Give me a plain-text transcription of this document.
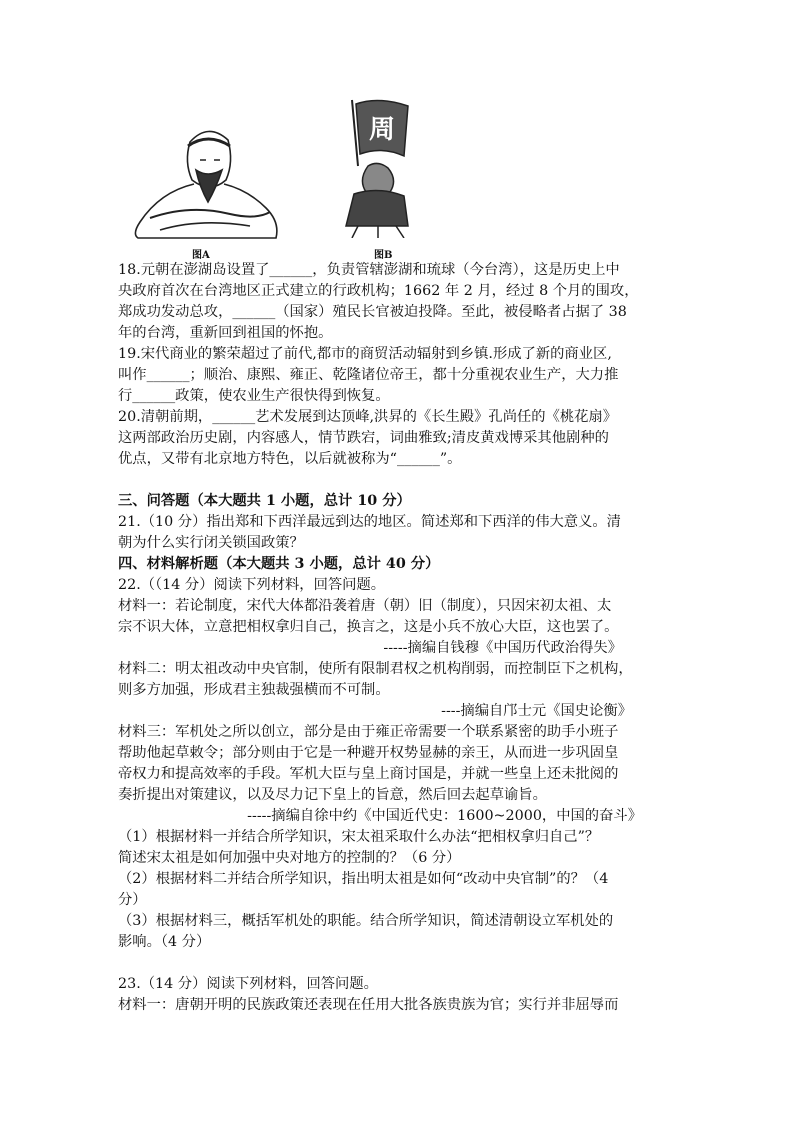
周
图A	图B

18.元朝在澎湖岛设置了______，负责管辖澎湖和琉球（今台湾），这是历史上中

央政府首次在台湾地区正式建立的行政机构；1662 年 2 月，经过 8 个月的围攻，

郑成功发动总攻，______（国家）殖民长官被迫投降。至此，被侵略者占据了 38

年的台湾，重新回到祖国的怀抱。

19.宋代商业的繁荣超过了前代,都市的商贸活动辐射到乡镇.形成了新的商业区,

叫作______；顺治、康熙、雍正、乾隆诸位帝王，都十分重视农业生产，大力推

行______政策，使农业生产很快得到恢复。

20.清朝前期，______艺术发展到达顶峰,洪昇的《长生殿》孔尚任的《桃花扇》

这两部政治历史剧，内容感人，情节跌宕，词曲雅致;清皮黄戏博采其他剧种的

优点，又带有北京地方特色，以后就被称为“______”。

三、问答题（本大题共 1 小题，总计 10 分）

21.（10 分）指出郑和下西洋最远到达的地区。简述郑和下西洋的伟大意义。清

朝为什么实行闭关锁国政策？

四、材料解析题（本大题共 3 小题，总计 40 分）

22.（（14 分）阅读下列材料，回答问题。

材料一：若论制度，宋代大体都沿袭着唐（朝）旧（制度），只因宋初太祖、太

宗不识大体，立意把相权拿归自己，换言之，这是小兵不放心大臣，这也罢了。

-----摘编自钱穆《中国历代政治得失》

材料二：明太祖改动中央官制，使所有限制君权之机构削弱，而控制臣下之机构，

则多方加强，形成君主独裁强横而不可制。

----摘编自邝士元《国史论衡》

材料三：军机处之所以创立，部分是由于雍正帝需要一个联系紧密的助手小班子

帮助他起草敕令；部分则由于它是一种避开权势显赫的亲王，从而进一步巩固皇

帝权力和提高效率的手段。军机大臣与皇上商讨国是，并就一些皇上还未批阅的

奏折提出对策建议，以及尽力记下皇上的旨意，然后回去起草谕旨。

-----摘编自徐中约《中国近代史：1600~2000，中国的奋斗》

（1）根据材料一并结合所学知识，宋太祖采取什么办法“把相权拿归自己”？

简述宋太祖是如何加强中央对地方的控制的？（6 分）

（2）根据材料二并结合所学知识，指出明太祖是如何“改动中央官制”的？（4

分）

（3）根据材料三，概括军机处的职能。结合所学知识，简述清朝设立军机处的

影响。（4 分）

23.（14 分）阅读下列材料，回答问题。

材料一：唐朝开明的民族政策还表现在任用大批各族贵族为官；实行并非屈辱而
